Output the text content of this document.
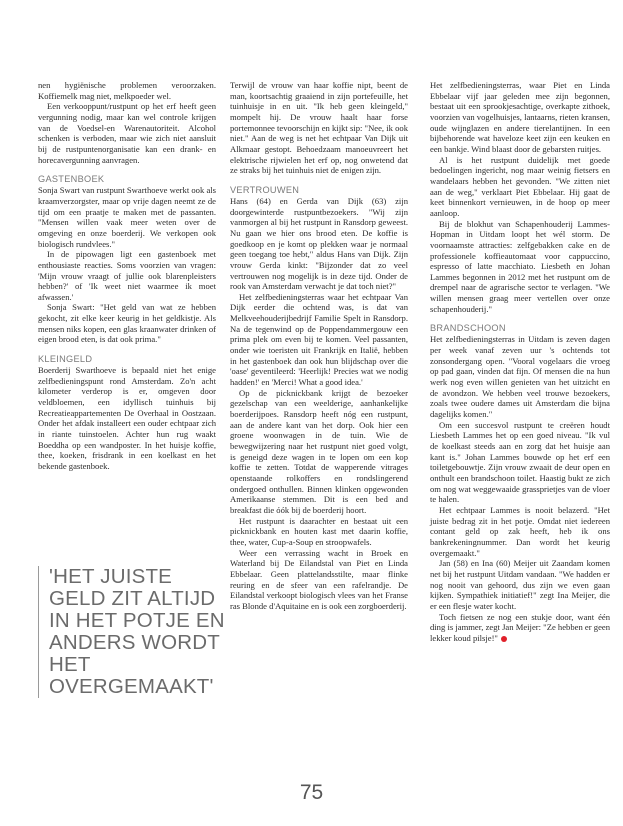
nen hygiënische problemen veroorzaken. Koffiemelk mag niet, melkpoeder wel.

Een verkooppunt/rustpunt op het erf heeft geen vergunning nodig, maar kan wel controle krijgen van de Voedsel-en Warenautoriteit. Alcohol schenken is verboden, maar wie zich niet aansluit bij de rustpuntenorganisatie kan een drank- en horecavergunning aanvragen.

GASTENBOEK

Sonja Swart van rustpunt Swarthoeve werkt ook als kraamverzorgster, maar op vrije dagen neemt ze de tijd om een praatje te maken met de passanten. "Mensen willen vaak meer weten over de omgeving en onze boerderij. We verkopen ook biologisch rundvlees."

In de pipowagen ligt een gastenboek met enthousiaste reacties. Soms voorzien van vragen: 'Mijn vrouw vraagt of jullie ook blarenpleisters hebben?' of 'Ik weet niet waarmee ik moet afwassen.'

Sonja Swart: "Het geld van wat ze hebben gekocht, zit elke keer keurig in het geldkistje. Als mensen niks kopen, een glas kraanwater drinken of eigen brood eten, is dat ook prima."

KLEINGELD

Boerderij Swarthoeve is bepaald niet het enige zelfbedieningspunt rond Amsterdam. Zo'n acht kilometer verderop is er, omgeven door veldbloemen, een idyllisch tuinhuis bij Recreatieappartementen De Overhaal in Oostzaan. Onder het afdak installeert een ouder echtpaar zich in riante tuinstoelen. Achter hun rug waakt Boeddha op een wandposter. In het huisje koffie, thee, koeken, frisdrank in een koelkast en het bekende gastenboek.

'HET JUISTE GELD ZIT ALTIJD IN HET POTJE EN ANDERS WORDT HET OVERGEMAAKT'

Terwijl de vrouw van haar koffie nipt, beent de man, koortsachtig graaiend in zijn portefeuille, het tuinhuisje in en uit. "Ik heb geen kleingeld," mompelt hij. De vrouw haalt haar forse portemonnee tevoorschijn en kijkt sip: "Nee, ik ook niet." Aan de weg is net het echtpaar Van Dijk uit Alkmaar gestopt. Behoedzaam manoeuvreert het elektrische rijwielen het erf op, nog onwetend dat ze straks bij het tuinhuis niet de enigen zijn.

VERTROUWEN

Hans (64) en Gerda van Dijk (63) zijn doorgewinterde rustpuntbezoekers. "Wij zijn vanmorgen al bij het rustpunt in Ransdorp geweest. Nu gaan we hier ons brood eten. De koffie is goedkoop en je komt op plekken waar je normaal geen toegang toe hebt," aldus Hans van Dijk. Zijn vrouw Gerda kinkt: "Bijzonder dat zo veel vertrouwen nog mogelijk is in deze tijd. Onder de rook van Amsterdam verwacht je dat toch niet?"

Het zelfbedieningsterras waar het echtpaar Van Dijk eerder die ochtend was, is dat van Melkveehouderijbedrijf Familie Spelt in Ransdorp. Na de tegenwind op de Poppendammergouw een prima plek om even bij te komen. Veel passanten, onder wie toeristen uit Frankrijk en Italië, hebben in het gastenboek dan ook hun blijdschap over die 'oase' geventileerd: 'Heerlijk! Precies wat we nodig hadden!' en 'Merci! What a good idea.'

Op de picknickbank krijgt de bezoeker gezelschap van een weelderige, aanhankelijke boerderijpoes. Ransdorp heeft nóg een rustpunt, aan de andere kant van het dorp. Ook hier een groene woonwagen in de tuin. Wie de bewegwijzering naar het rustpunt niet goed volgt, is geneigd deze wagen in te lopen om een kop koffie te zetten. Totdat de wapperende vitrages openstaande rolkoffers en rondslingerend ondergoed onthullen. Binnen klinken opgewonden Amerikaanse stemmen. Dit is een bed and breakfast die óók bij de boerderij hoort.

Het rustpunt is daarachter en bestaat uit een picknickbank en houten kast met daarin koffie, thee, water, Cup-a-Soup en stroopwafels.

Weer een verrassing wacht in Broek en Waterland bij De Eilandstal van Piet en Linda Ebbelaar. Geen plattelandsstilte, maar flinke reuring en de sfeer van een rafelrandje. De Eilandstal verkoopt biologisch vlees van het Franse ras Blonde d'Aquitaine en is ook een zorgboerderij.

Het zelfbedieningsterras, waar Piet en Linda Ebbelaar vijf jaar geleden mee zijn begonnen, bestaat uit een sprookjesachtige, overkapte zithoek, voorzien van vogelhuisjes, lantaarns, rieten kransen, oude wijnglazen en andere tierelantijnen. In een bijbehorende wat havelozе keet zijn een keuken en een bankje. Wind blaast door de gebarsten ruitjes.

Al is het rustpunt duidelijk met goede bedoelingen ingericht, nog maar weinig fietsers en wandelaars hebben het gevonden. "We zitten niet aan de weg," verklaart Piet Ebbelaar. Hij gaat de keet binnenkort vernieuwen, in de hoop op meer aanloop.

Bij de blokhut van Schapenhouderij Lammes-Hopman in Uitdam loopt het wél storm. De voornaamste attracties: zelfgebakken cake en de professionele koffieautomaat voor cappuccino, espresso of latte macchiato. Liesbeth en Johan Lammes begonnen in 2012 met het rustpunt om de drempel naar de agrarische sector te verlagen. "We willen mensen graag meer vertellen over onze schapenhouderij."

BRANDSCHOON

Het zelfbedieningsterras in Uitdam is zeven dagen per week vanaf zeven uur 's ochtends tot zonsondergang open. "Vooral vogelaars die vroeg op pad gaan, vinden dat fijn. Of mensen die na hun werk nog even willen genieten van het uitzicht en de avondzon. We hebben veel trouwe bezoekers, zoals twee oudere dames uit Amsterdam die bijna dagelijks komen."

Om een succesvol rustpunt te creëren houdt Liesbeth Lammes het op een goed niveau. "Ik vul de koelkast steeds aan en zorg dat het huisje aan kant is." Johan Lammes bouwde op het erf een toiletgebouwtje. Zijn vrouw zwaait de deur open en onthult een brandschoon toilet. Haastig bukt ze zich om nog wat weggewaaide grassprietjes van de vloer te halen.

Het echtpaar Lammes is nooit belazerd. "Het juiste bedrag zit in het potje. Omdat niet iedereen contant geld op zak heeft, heb ik ons bankrekeningnummer. Dan wordt het keurig overgemaakt."

Jan (58) en Ina (60) Meijer uit Zaandam komen net bij het rustpunt Uitdam vandaan. "We hadden er nog nooit van gehoord, dus zijn we even gaan kijken. Sympathiek initiatief!" zegt Ina Meijer, die er een flesje water kocht.

Toch fietsen ze nog een stukje door, want één ding is jammer, zegt Jan Meijer: "Ze hebben er geen lekker koud pilsje!"

75
